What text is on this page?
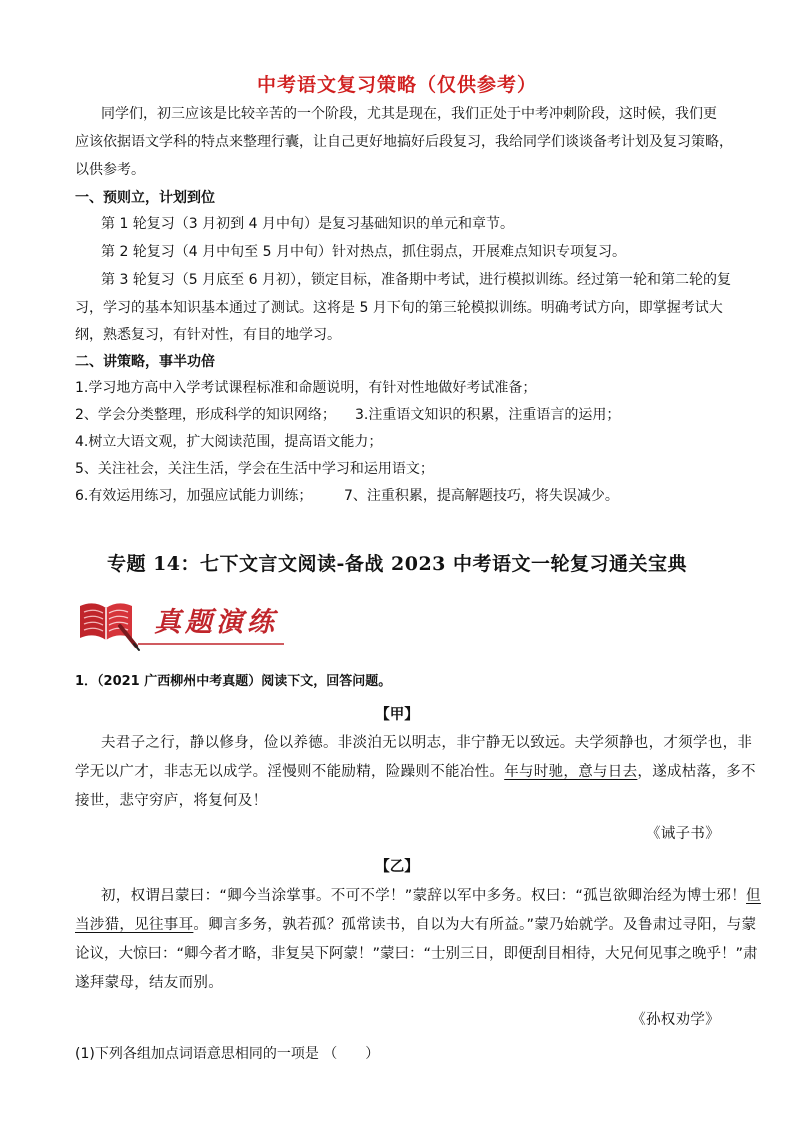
中考语文复习策略（仅供参考）
同学们，初三应该是比较辛苦的一个阶段，尤其是现在，我们正处于中考冲刺阶段，这时候，我们更
应该依据语文学科的特点来整理行囊，让自己更好地搞好后段复习，我给同学们谈谈备考计划及复习策略，
以供参考。
一、预则立，计划到位
第 1 轮复习（3 月初到 4 月中旬）是复习基础知识的单元和章节。
第 2 轮复习（4 月中旬至 5 月中旬）针对热点，抓住弱点，开展难点知识专项复习。
第 3 轮复习（5 月底至 6 月初），锁定目标，准备期中考试，进行模拟训练。经过第一轮和第二轮的复
习，学习的基本知识基本通过了测试。这将是 5 月下旬的第三轮模拟训练。明确考试方向，即掌握考试大
纲，熟悉复习，有针对性，有目的地学习。
二、讲策略，事半功倍
1.学习地方高中入学考试课程标准和命题说明，有针对性地做好考试准备；
2、学会分类整理，形成科学的知识网络； 3.注重语文知识的积累，注重语言的运用；
4.树立大语文观，扩大阅读范围，提高语文能力；
5、关注社会，关注生活，学会在生活中学习和运用语文；
6.有效运用练习，加强应试能力训练； 7、注重积累，提高解题技巧，将失误减少。
专题 14：七下文言文阅读-备战 2023 中考语文一轮复习通关宝典
真题演练
1．（2021 广西柳州中考真题）阅读下文，回答问题。
【甲】
夫君子之行，静以修身，俭以养德。非淡泊无以明志，非宁静无以致远。夫学须静也，才须学也，非
学无以广才，非志无以成学。淫慢则不能励精，险躁则不能冶性。年与时驰，意与日去，遂成枯落，多不
接世，悲守穷庐，将复何及！
《诫子书》
【乙】
初，权谓吕蒙曰：“卿今当涂掌事。不可不学！”蒙辞以军中多务。权曰：“孤岂欲卿治经为博士邪！但
当涉猎，见往事耳。卿言多务，孰若孤？孤常读书，自以为大有所益。”蒙乃始就学。及鲁肃过寻阳，与蒙
论议，大惊曰：“卿今者才略，非复吴下阿蒙！”蒙曰：“士别三日，即便刮目相待，大兄何见事之晚乎！”肃
遂拜蒙母，结友而别。
《孙权劝学》
(1)下列各组加点词语意思相同的一项是 （　　）
